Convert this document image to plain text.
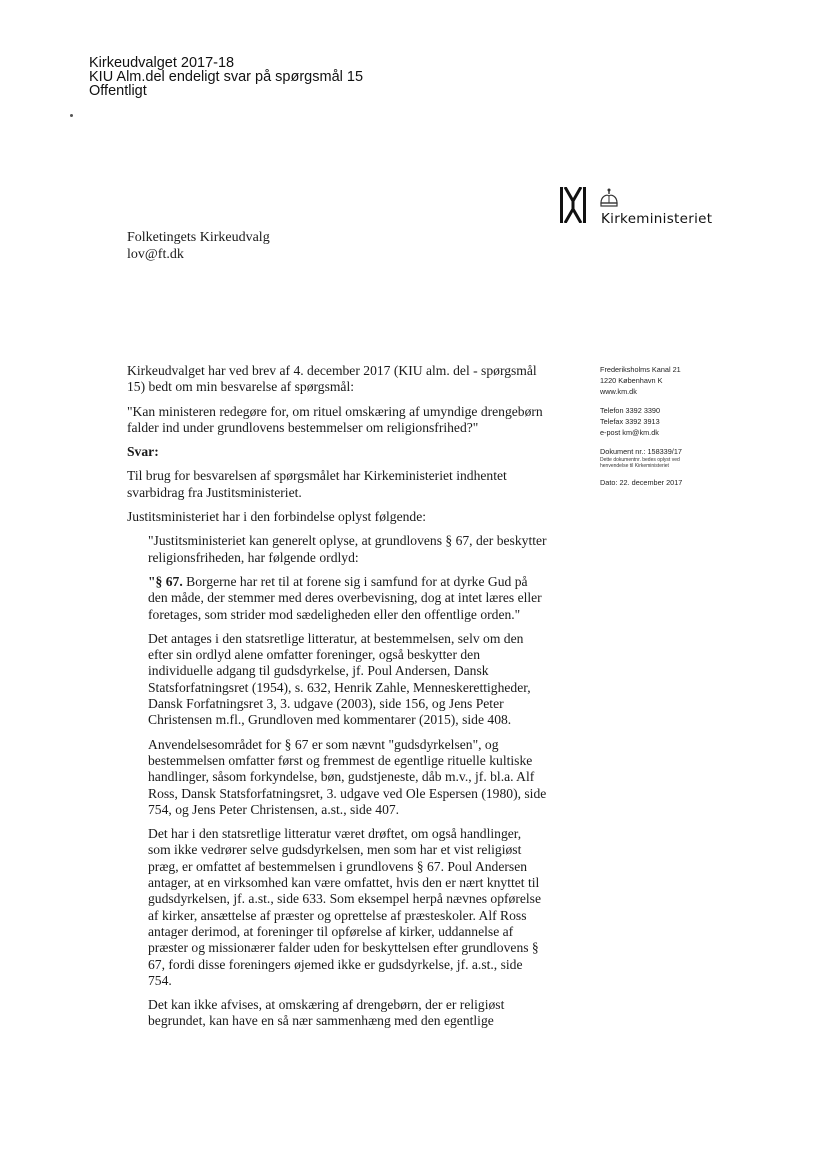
Kirkeudvalget 2017-18
KIU Alm.del endeligt svar på spørgsmål 15
Offentligt
Kirkeministeriet
Folketingets Kirkeudvalg
lov@ft.dk
Frederiksholms Kanal 21
1220 København K
www.km.dk
Telefon 3392 3390
Telefax 3392 3913
e-post km@km.dk
Dokument nr.: 158339/17
Dette dokumentnr. bedes oplyst ved
henvendelse til Kirkeministeriet
Dato: 22. december 2017

Kirkeudvalget har ved brev af 4. december 2017 (KIU alm. del - spørgsmål 15) bedt om min besvarelse af spørgsmål:

"Kan ministeren redegøre for, om rituel omskæring af umyndige drengebørn falder ind under grundlovens bestemmelser om religionsfrihed?"

Svar:

Til brug for besvarelsen af spørgsmålet har Kirkeministeriet indhentet svarbidrag fra Justitsministeriet.

Justitsministeriet har i den forbindelse oplyst følgende:

"Justitsministeriet kan generelt oplyse, at grundlovens § 67, der beskytter religionsfriheden, har følgende ordlyd:

"§ 67. Borgerne har ret til at forene sig i samfund for at dyrke Gud på den måde, der stemmer med deres overbevisning, dog at intet læres eller foretages, som strider mod sædeligheden eller den offentlige orden."

Det antages i den statsretlige litteratur, at bestemmelsen, selv om den efter sin ordlyd alene omfatter foreninger, også beskytter den individuelle adgang til gudsdyrkelse, jf. Poul Andersen, Dansk Statsforfatningsret (1954), s. 632, Henrik Zahle, Menneskerettigheder, Dansk Forfatningsret 3, 3. udgave (2003), side 156, og Jens Peter Christensen m.fl., Grundloven med kommentarer (2015), side 408.

Anvendelsesområdet for § 67 er som nævnt "gudsdyrkelsen", og bestemmelsen omfatter først og fremmest de egentlige rituelle kultiske handlinger, såsom forkyndelse, bøn, gudstjeneste, dåb m.v., jf. bl.a. Alf Ross, Dansk Statsforfatningsret, 3. udgave ved Ole Espersen (1980), side 754, og Jens Peter Christensen, a.st., side 407.

Det har i den statsretlige litteratur været drøftet, om også handlinger, som ikke vedrører selve gudsdyrkelsen, men som har et vist religiøst præg, er omfattet af bestemmelsen i grundlovens § 67. Poul Andersen antager, at en virksomhed kan være omfattet, hvis den er nært knyttet til gudsdyrkelsen, jf. a.st., side 633. Som eksempel herpå nævnes opførelse af kirker, ansættelse af præster og oprettelse af præsteskoler. Alf Ross antager derimod, at foreninger til opførelse af kirker, uddannelse af præster og missionærer falder uden for beskyttelsen efter grundlovens § 67, fordi disse foreningers øjemed ikke er gudsdyrkelse, jf. a.st., side 754.

Det kan ikke afvises, at omskæring af drengebørn, der er religiøst begrundet, kan have en så nær sammenhæng med den egentlige
